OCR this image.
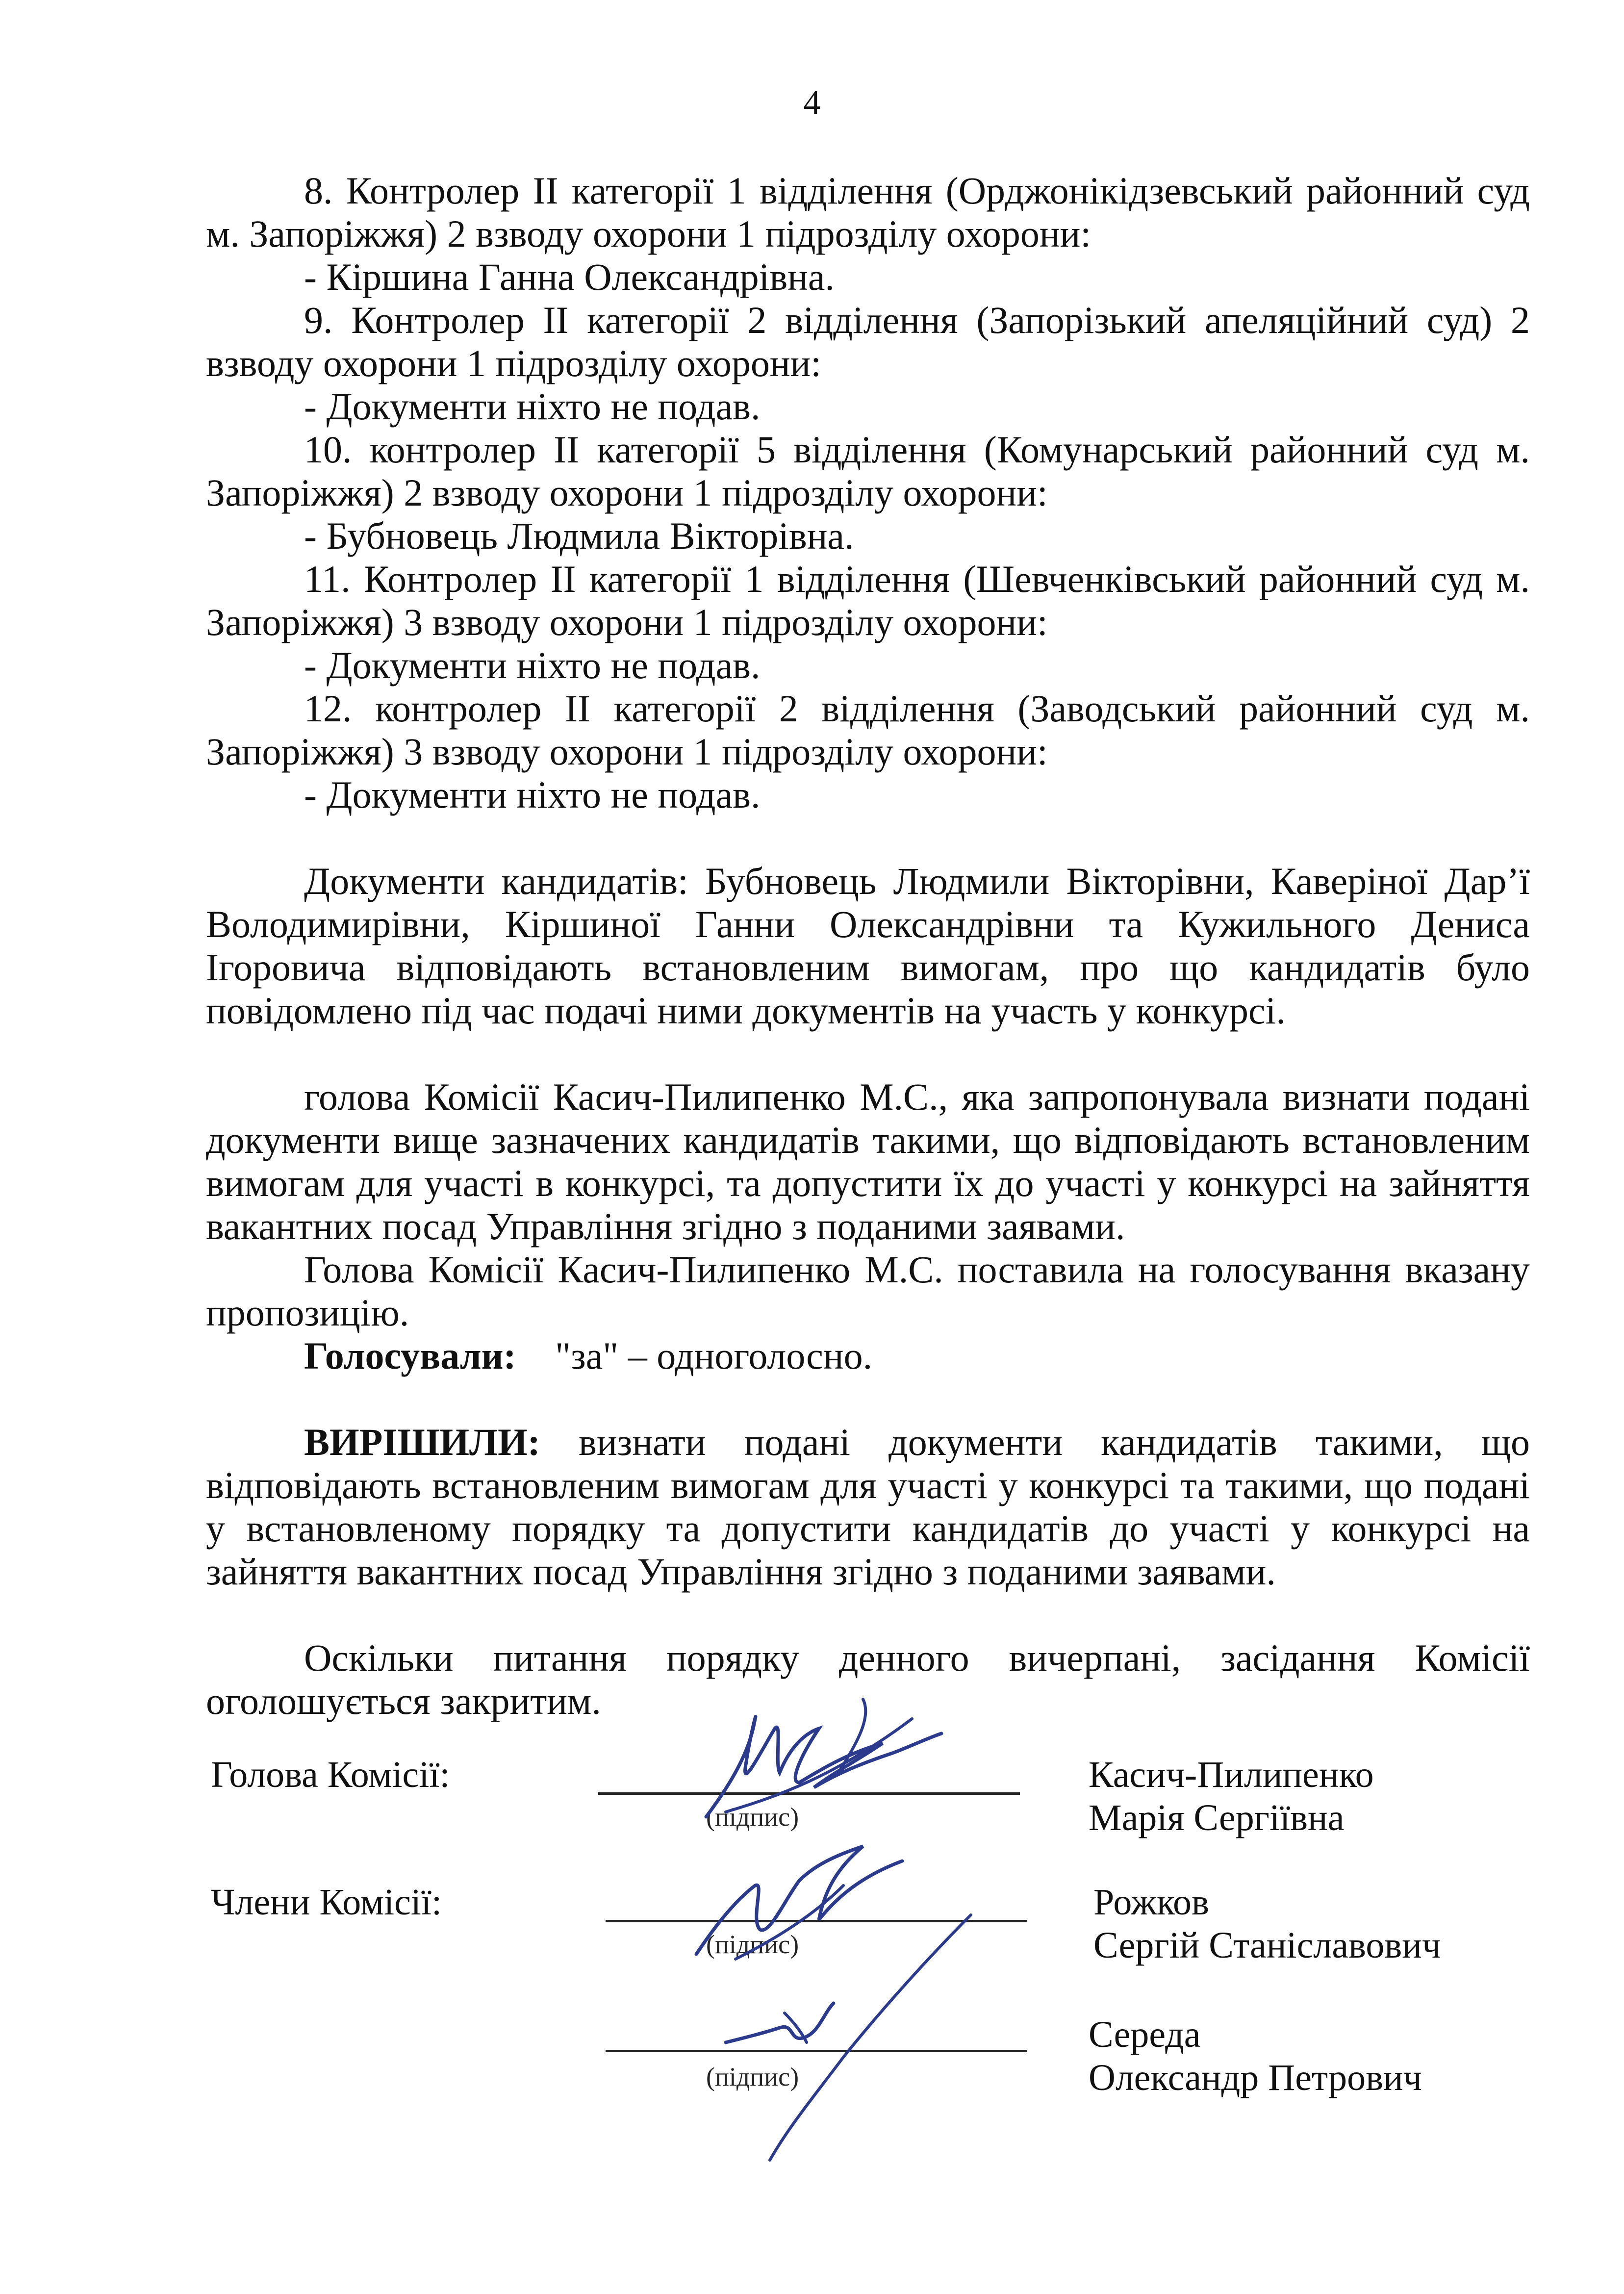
4

8. Контролер ІІ категорії 1 відділення (Орджонікідзевський районний суд м. Запоріжжя) 2 взводу охорони 1 підрозділу охорони:

- Кіршина Ганна Олександрівна.

9. Контролер ІІ категорії 2 відділення (Запорізький апеляційний суд) 2 взводу охорони 1 підрозділу охорони:

- Документи ніхто не подав.

10. контролер ІІ категорії 5 відділення (Комунарський районний суд м. Запоріжжя) 2 взводу охорони 1 підрозділу охорони:

- Бубновець Людмила Вікторівна.

11. Контролер ІІ категорії 1 відділення (Шевченківський районний суд м. Запоріжжя) 3 взводу охорони 1 підрозділу охорони:

- Документи ніхто не подав.

12. контролер ІІ категорії 2 відділення (Заводський районний суд м. Запоріжжя) 3 взводу охорони 1 підрозділу охорони:

- Документи ніхто не подав.

Документи кандидатів: Бубновець Людмили Вікторівни, Каверіної Дар’ї Володимирівни, Кіршиної Ганни Олександрівни та Кужильного Дениса Ігоровича відповідають встановленим вимогам, про що кандидатів було повідомлено під час подачі ними документів на участь у конкурсі.

голова Комісії Касич-Пилипенко М.С., яка запропонувала визнати подані документи вище зазначених кандидатів такими, що відповідають встановленим вимогам для участі в конкурсі, та допустити їх до участі у конкурсі на зайняття вакантних посад Управління згідно з поданими заявами.

Голова Комісії Касич-Пилипенко М.С. поставила на голосування вказану пропозицію.

Голосували: "за" – одноголосно.

ВИРІШИЛИ: визнати подані документи кандидатів такими, що відповідають встановленим вимогам для участі у конкурсі та такими, що подані у встановленому порядку та допустити кандидатів до участі у конкурсі на зайняття вакантних посад Управління згідно з поданими заявами.

Оскільки питання порядку денного вичерпані, засідання Комісії оголошується закритим.

Голова Комісії:
(підпис)
Касич-Пилипенко
Марія Сергіївна
Члени Комісії:
(підпис)
Рожков
Сергій Станіславович
(підпис)
Середа
Олександр Петрович
